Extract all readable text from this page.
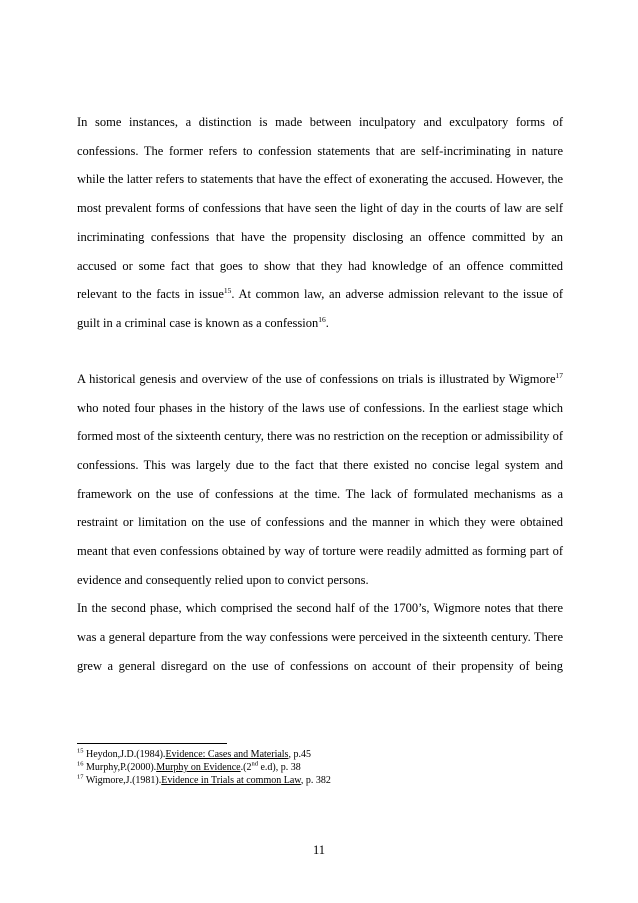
In some instances, a distinction is made between inculpatory and exculpatory forms of
confessions. The former refers to confession statements that are self-incriminating in nature
while the latter refers to statements that have the effect of exonerating the accused. However, the
most prevalent forms of confessions that have seen the light of day in the courts of law are self
incriminating confessions that have the propensity disclosing an offence committed by an
accused or some fact that goes to show that they had knowledge of an offence committed
relevant to the facts in issue$^{15}$. At common law, an adverse admission relevant to the issue of
guilt in a criminal case is known as a confession$^{16}$.
A historical genesis and overview of the use of confessions on trials is illustrated by Wigmore$^{17}$
who noted four phases in the history of the laws use of confessions. In the earliest stage which
formed most of the sixteenth century, there was no restriction on the reception or admissibility of
confessions. This was largely due to the fact that there existed no concise legal system and
framework on the use of confessions at the time. The lack of formulated mechanisms as a
restraint or limitation on the use of confessions and the manner in which they were obtained
meant that even confessions obtained by way of torture were readily admitted as forming part of
evidence and consequently relied upon to convict persons.
In the second phase, which comprised the second half of the 1700’s, Wigmore notes that there
was a general departure from the way confessions were perceived in the sixteenth century. There
grew a general disregard on the use of confessions on account of their propensity of being
$^{15}$ Heydon,J.D.(1984).Evidence: Cases and Materials, p.45
$^{16}$ Murphy,P.(2000).Murphy on Evidence.(2nd e.d), p. 38
$^{17}$ Wigmore,J.(1981).Evidence in Trials at common Law, p. 382
11
